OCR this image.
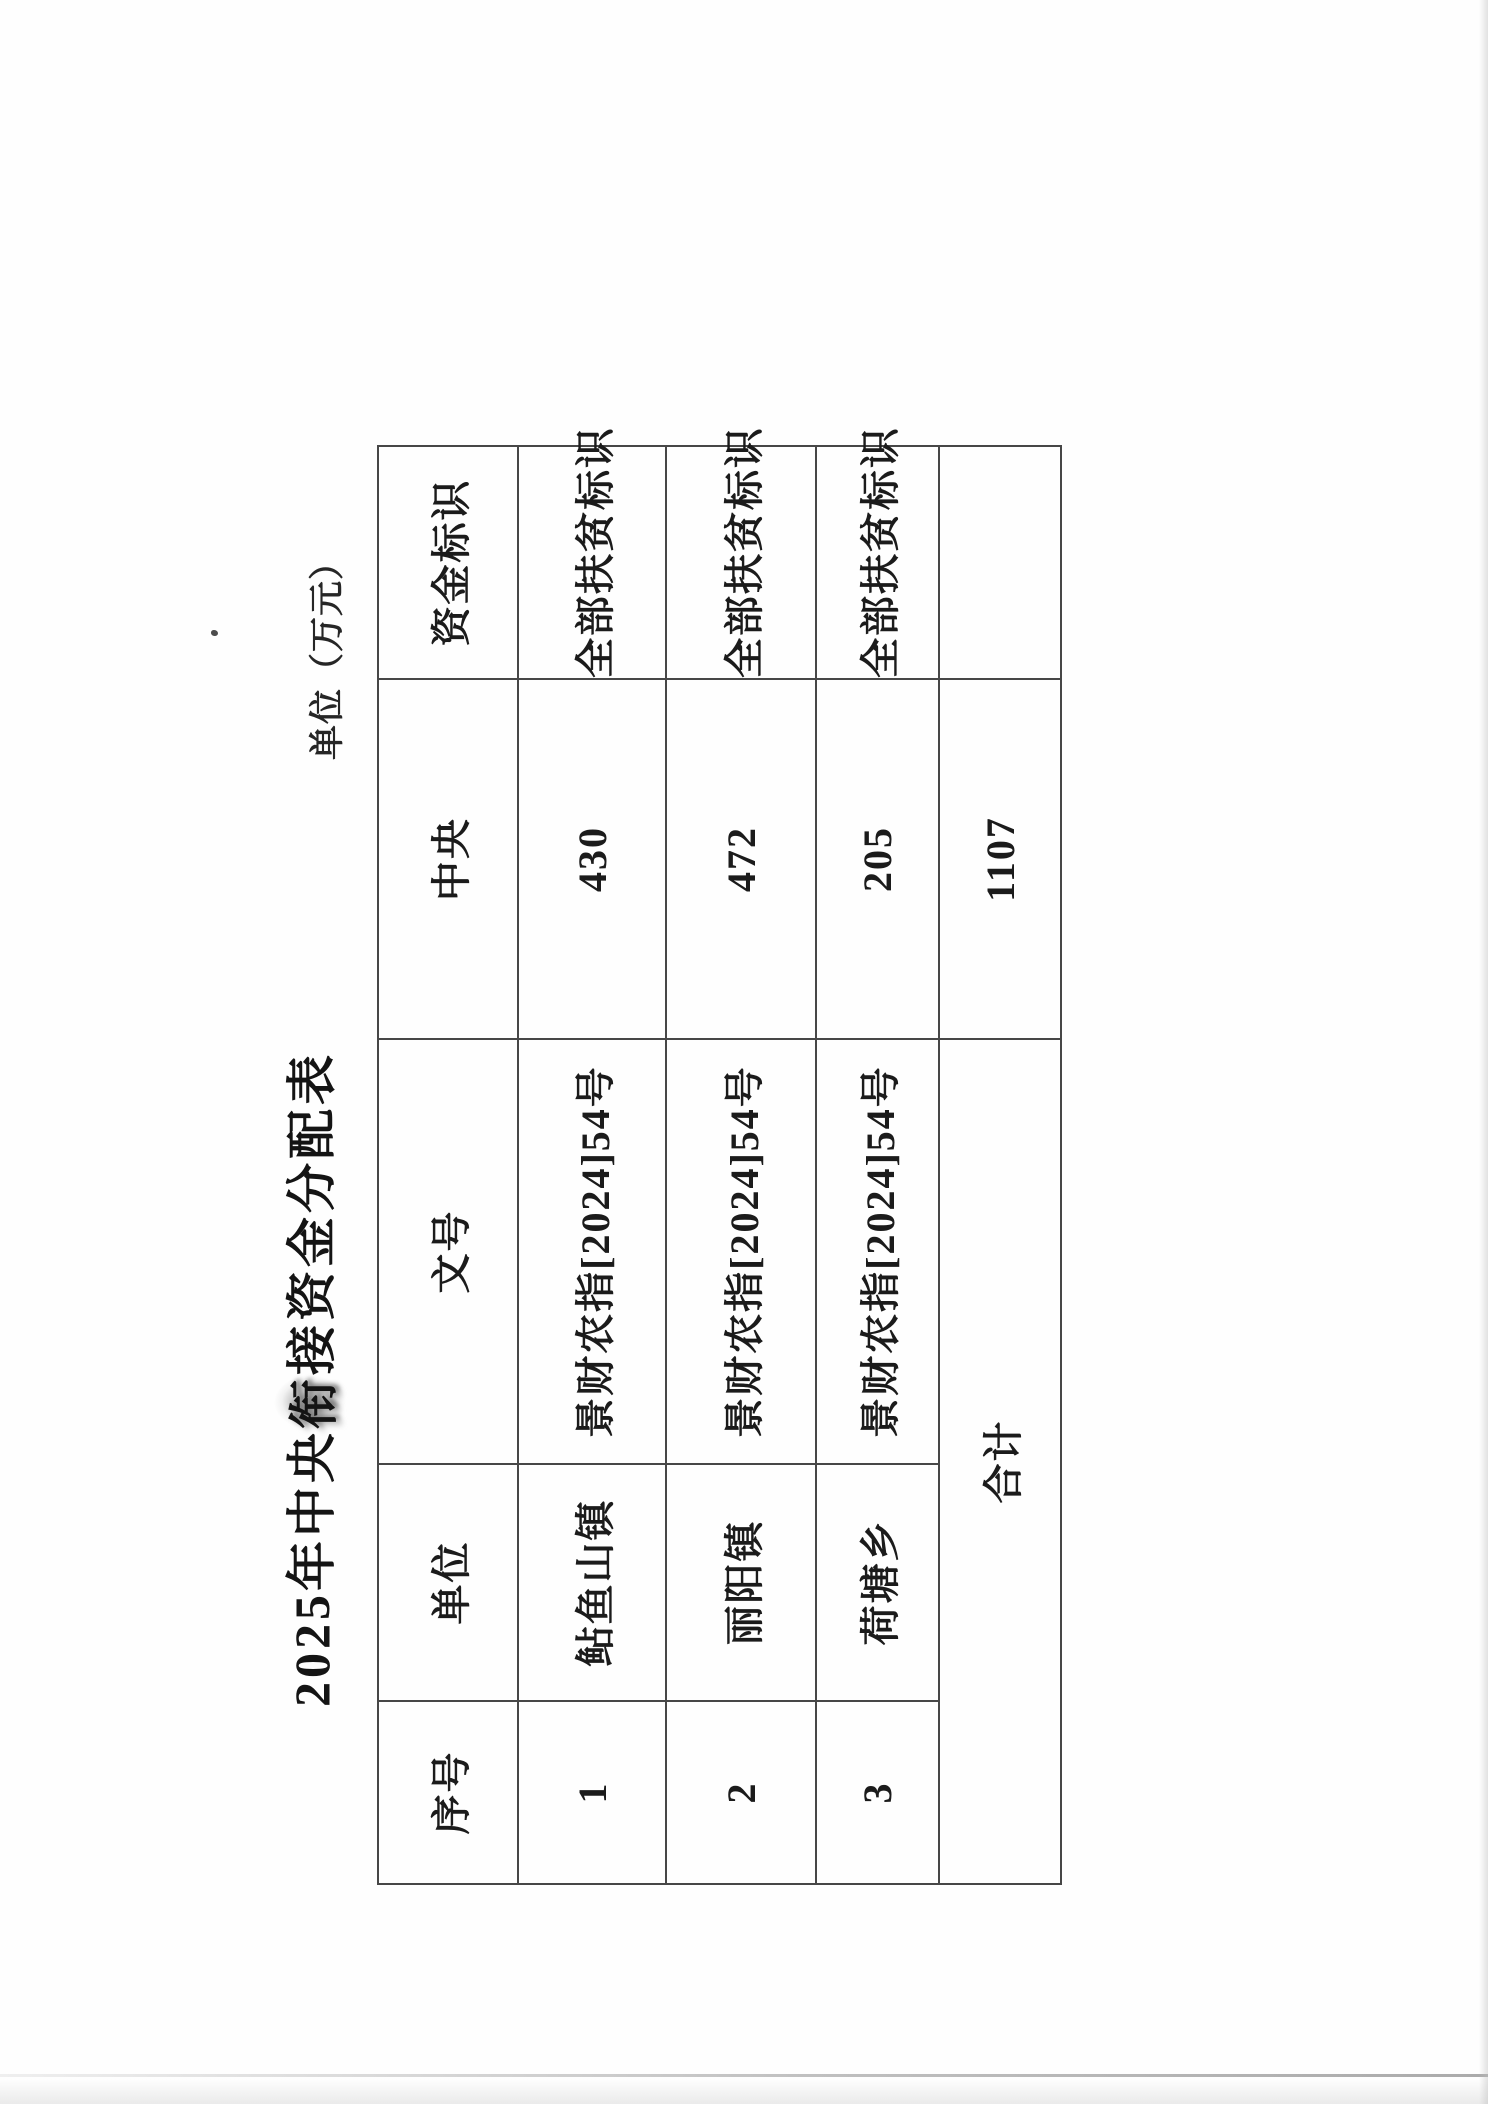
2025年中央衔接资金分配表
单位（万元）
序号	单位	文号	中央	资金标识
1	鲇鱼山镇	景财农指[2024]54号	430	全部扶贫标识
2	丽阳镇	景财农指[2024]54号	472	全部扶贫标识
3	荷塘乡	景财农指[2024]54号	205	全部扶贫标识
合计			1107	
